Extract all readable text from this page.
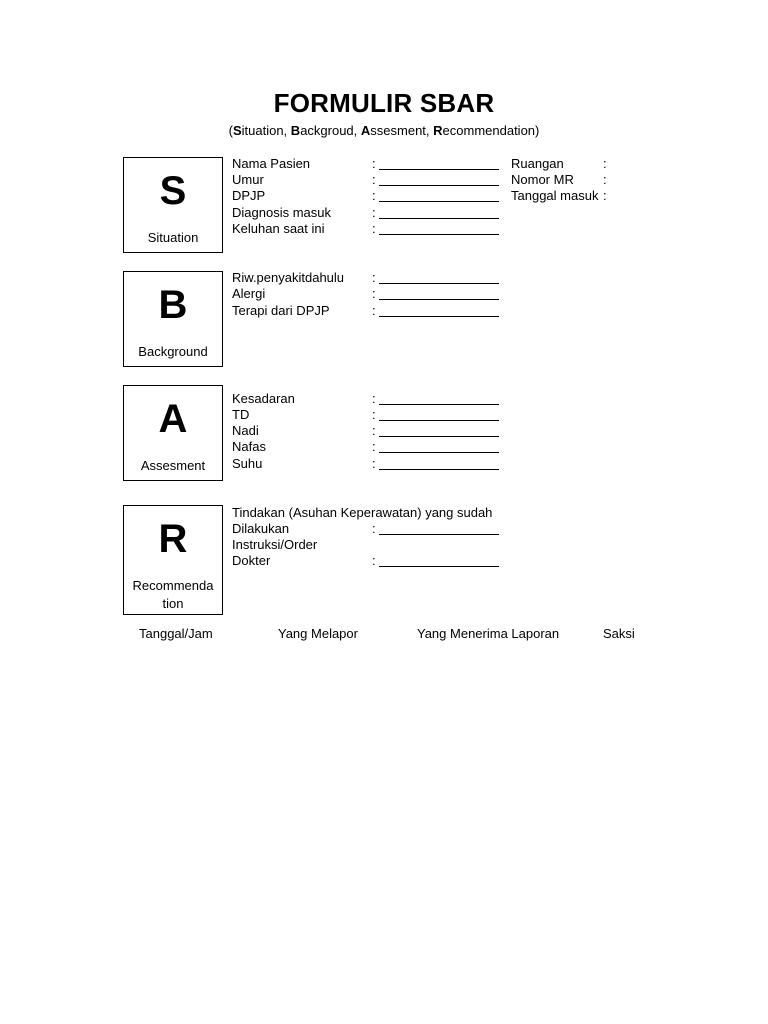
FORMULIR SBAR
(Situation, Backgroud, Assesment, Recommendation)
S
Situation
Nama Pasien	:	Ruangan	:
Umur	:	Nomor MR :
DPJP	:	Tanggal masuk :
Diagnosis masuk	:
Keluhan saat ini	:
B
Background
Riw.penyakitdahulu :
Alergi	:
Terapi dari DPJP	:
A
Assesment
Kesadaran	:
TD	:
Nadi	:
Nafas	:
Suhu	:
R
Recommenda
tion
Tindakan (Asuhan Keperawatan) yang sudah
Dilakukan	:
Instruksi/Order
Dokter	:
Tanggal/Jam	Yang Melapor	Yang Menerima Laporan	Saksi
